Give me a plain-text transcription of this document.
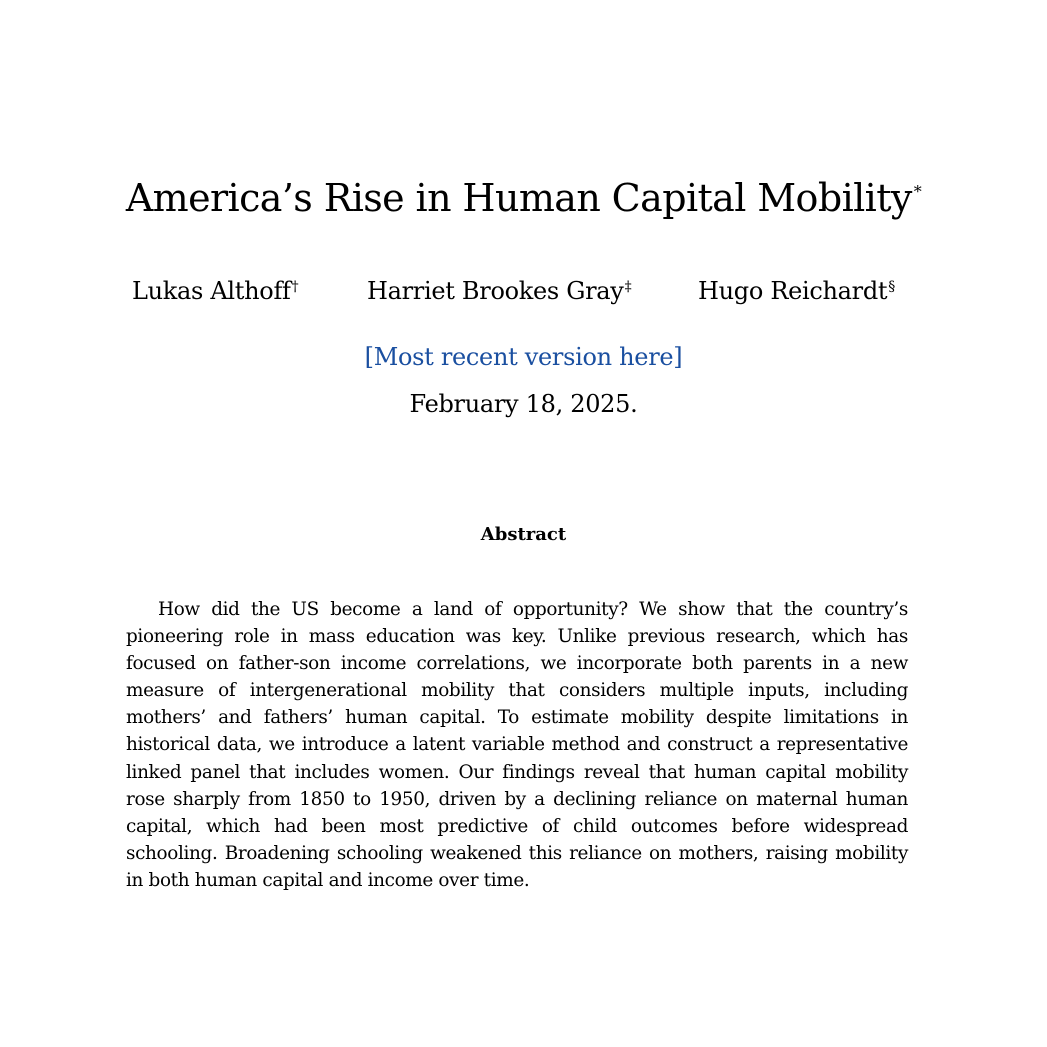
America’s Rise in Human Capital Mobility *
Lukas Althoff†	Harriet Brookes Gray‡	Hugo Reichardt§
[Most recent version here]
February 18, 2025.
Abstract

How did the US become a land of opportunity? We show that the country’s pioneering role in mass education was key. Unlike previous research, which has focused on father-son income correlations, we incorporate both parents in a new measure of intergenerational mobility that considers multiple inputs, including mothers’ and fathers’ human capital. To estimate mobility despite limitations in historical data, we introduce a latent variable method and construct a representative linked panel that includes women. Our findings reveal that human capital mobility rose sharply from 1850 to 1950, driven by a declining reliance on maternal human capital, which had been most predictive of child outcomes before widespread schooling. Broadening schooling weakened this reliance on mothers, raising mobility in both human capital and income over time.
